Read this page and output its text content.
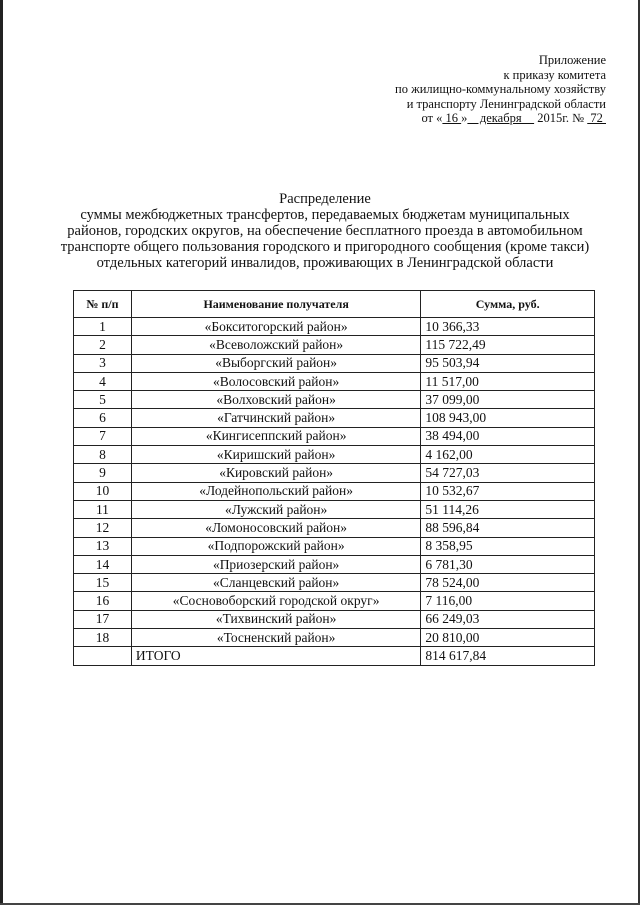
Приложение
к приказу комитета
по жилищно-коммунальному хозяйству
и транспорту Ленинградской области
от « 16 »    декабря     2015г. №  72
Распределение
суммы межбюджетных трансфертов, передаваемых бюджетам муниципальных районов, городских округов, на обеспечение бесплатного проезда в автомобильном транспорте общего пользования городского и пригородного сообщения (кроме такси) отдельных категорий инвалидов, проживающих в Ленинградской области
№ п/п	Наименование получателя	Сумма, руб.
1	«Бокситогорский район»	10 366,33
2	«Всеволожский район»	115 722,49
3	«Выборгский район»	95 503,94
4	«Волосовский район»	11 517,00
5	«Волховский район»	37 099,00
6	«Гатчинский район»	108 943,00
7	«Кингисеппский район»	38 494,00
8	«Киришский район»	4 162,00
9	«Кировский район»	54 727,03
10	«Лодейнопольский район»	10 532,67
11	«Лужский район»	51 114,26
12	«Ломоносовский район»	88 596,84
13	«Подпорожский район»	8 358,95
14	«Приозерский район»	6 781,30
15	«Сланцевский район»	78 524,00
16	«Сосновоборский городской округ»	7 116,00
17	«Тихвинский район»	66 249,03
18	«Тосненский район»	20 810,00
	ИТОГО	814 617,84
